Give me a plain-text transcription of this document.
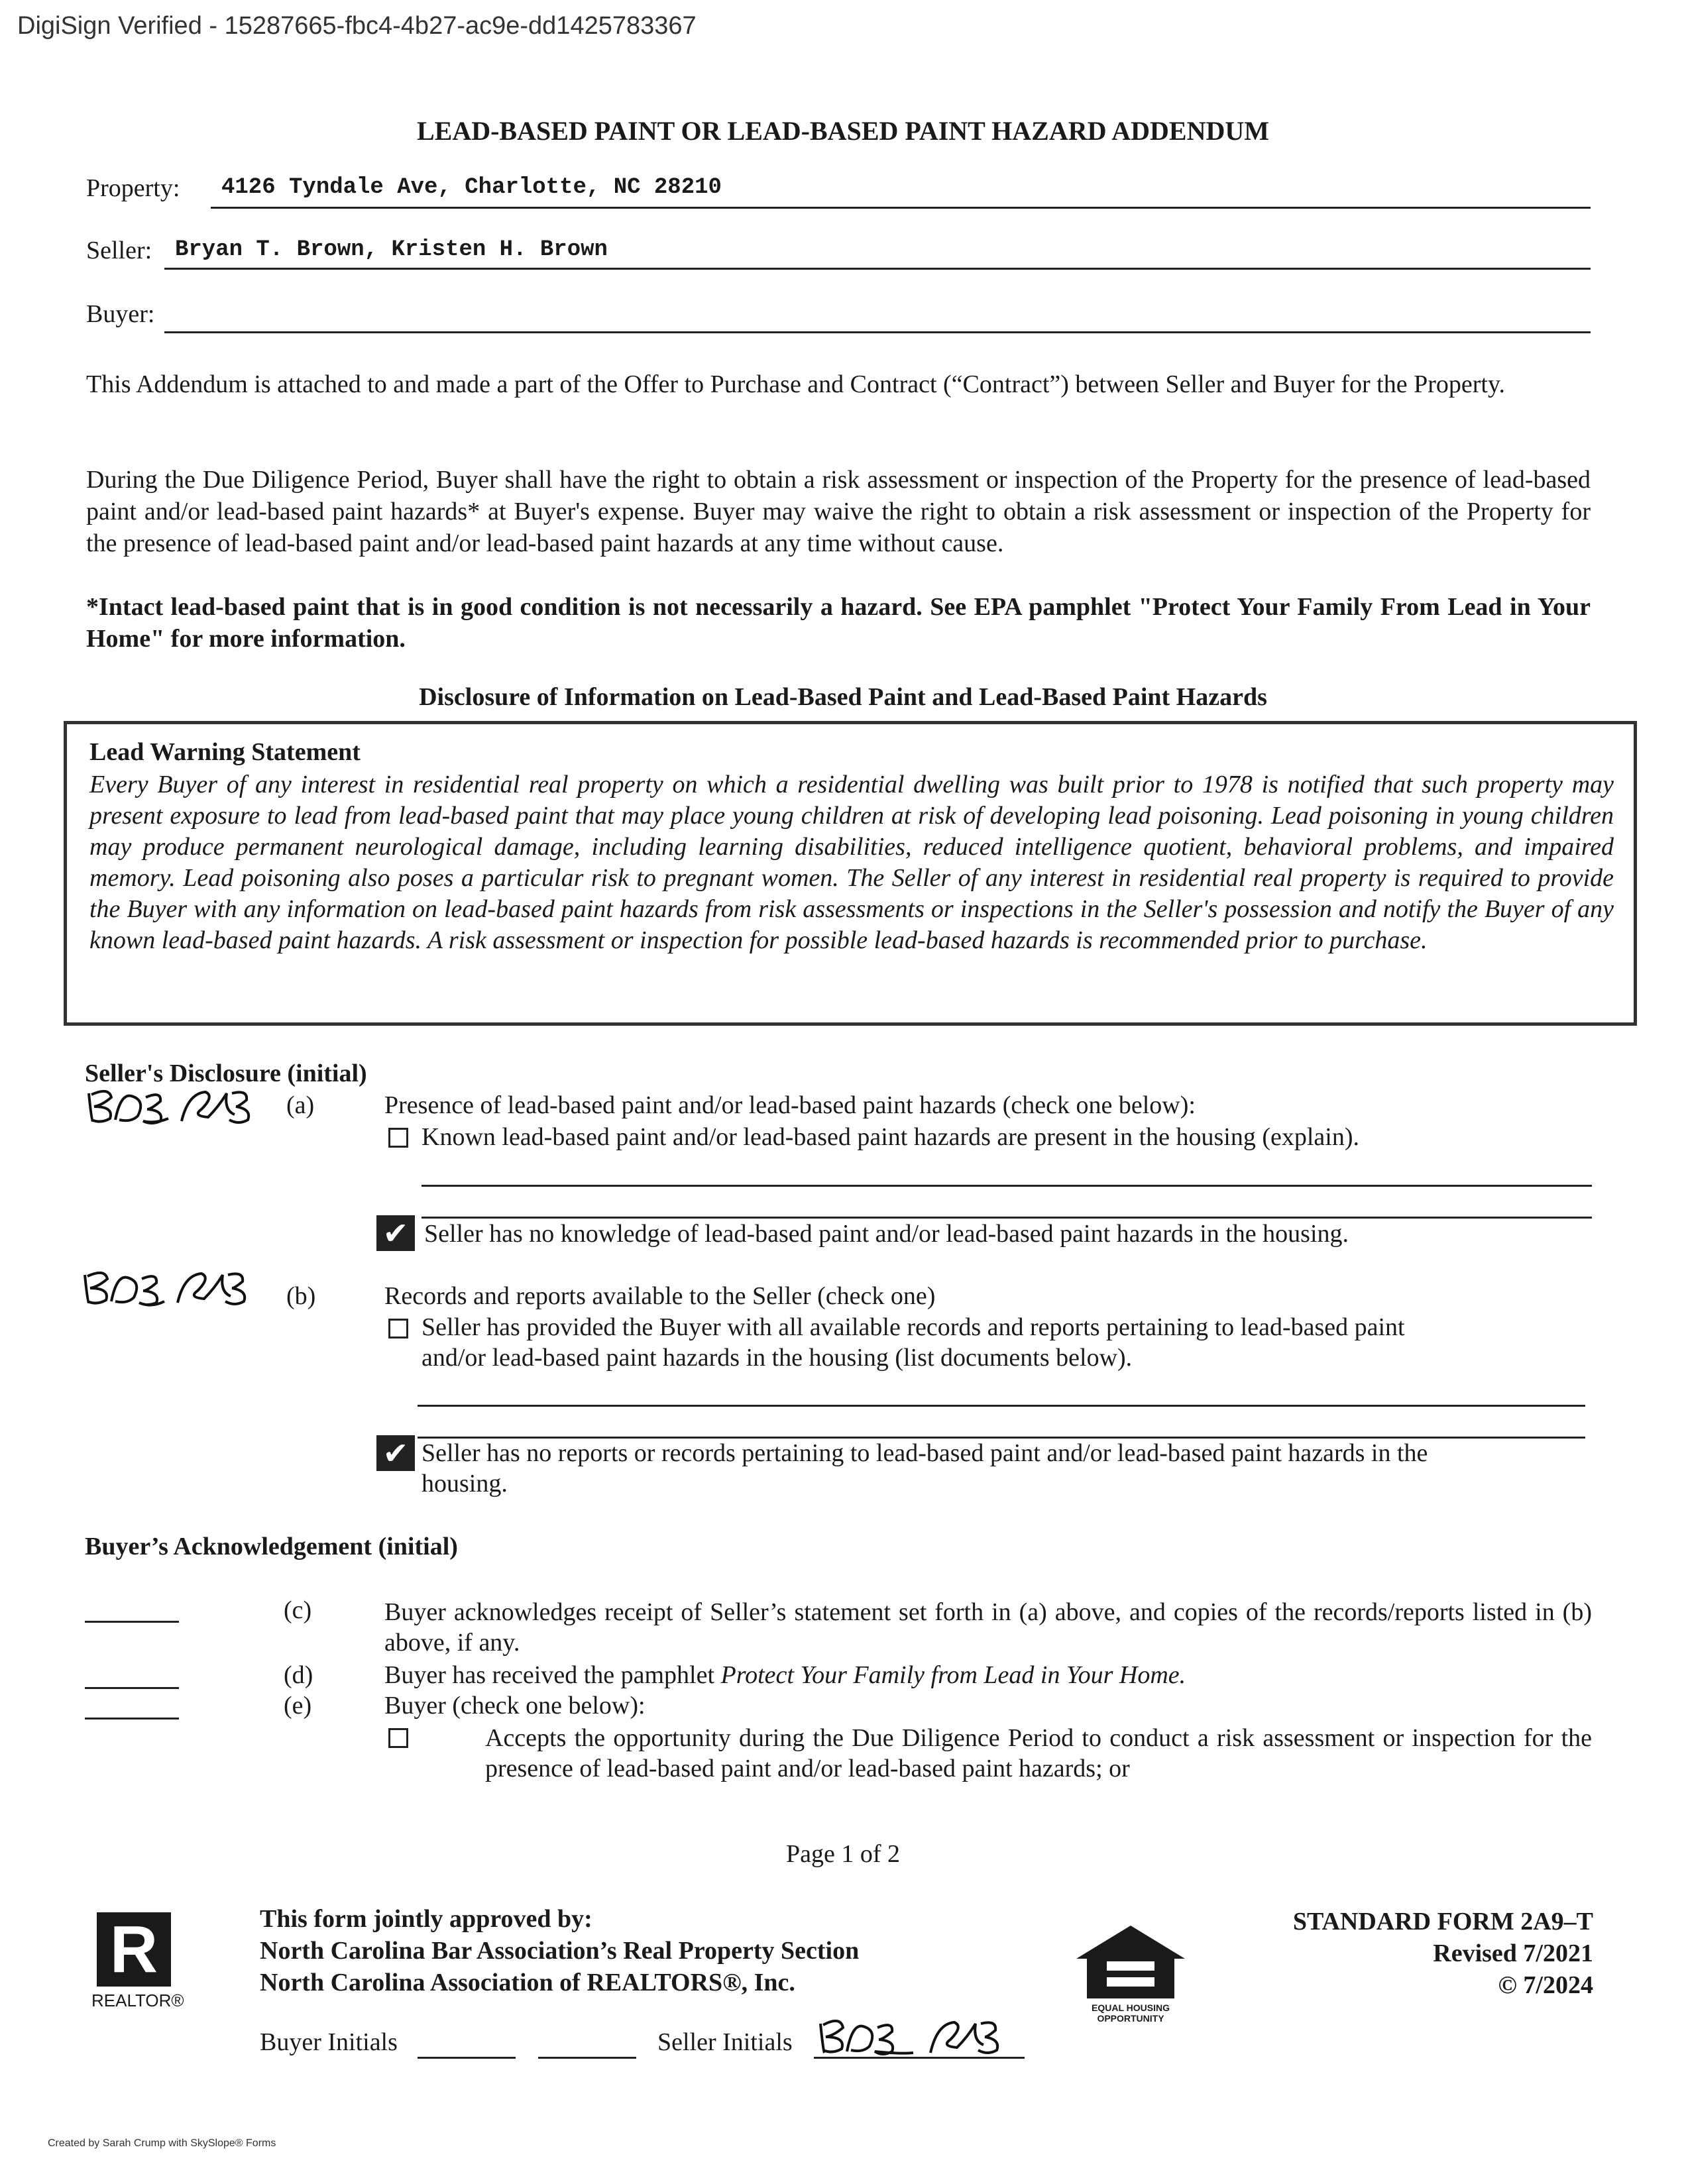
DigiSign Verified - 15287665-fbc4-4b27-ac9e-dd1425783367
LEAD-BASED PAINT OR LEAD-BASED PAINT HAZARD ADDENDUM
Property: 4126 Tyndale Ave, Charlotte, NC 28210
Seller: Bryan T. Brown, Kristen H. Brown
Buyer:
This Addendum is attached to and made a part of the Offer to Purchase and Contract (“Contract”) between Seller and Buyer for the Property.
During the Due Diligence Period, Buyer shall have the right to obtain a risk assessment or inspection of the Property for the presence of lead-based paint and/or lead-based paint hazards* at Buyer's expense. Buyer may waive the right to obtain a risk assessment or inspection of the Property for the presence of lead-based paint and/or lead-based paint hazards at any time without cause.
*Intact lead-based paint that is in good condition is not necessarily a hazard. See EPA pamphlet "Protect Your Family From Lead in Your Home" for more information.
Disclosure of Information on Lead-Based Paint and Lead-Based Paint Hazards
Lead Warning Statement
Every Buyer of any interest in residential real property on which a residential dwelling was built prior to 1978 is notified that such property may present exposure to lead from lead-based paint that may place young children at risk of developing lead poisoning. Lead poisoning in young children may produce permanent neurological damage, including learning disabilities, reduced intelligence quotient, behavioral problems, and impaired memory. Lead poisoning also poses a particular risk to pregnant women. The Seller of any interest in residential real property is required to provide the Buyer with any information on lead-based paint hazards from risk assessments or inspections in the Seller's possession and notify the Buyer of any known lead-based paint hazards. A risk assessment or inspection for possible lead-based hazards is recommended prior to purchase.
Seller's Disclosure (initial)
(a)	Presence of lead-based paint and/or lead-based paint hazards (check one below):
Known lead-based paint and/or lead-based paint hazards are present in the housing (explain).
✔ Seller has no knowledge of lead-based paint and/or lead-based paint hazards in the housing.
(b)	Records and reports available to the Seller (check one)
Seller has provided the Buyer with all available records and reports pertaining to lead-based paint and/or lead-based paint hazards in the housing (list documents below).
✔ Seller has no reports or records pertaining to lead-based paint and/or lead-based paint hazards in the housing.
Buyer’s Acknowledgement (initial)
(c)	Buyer acknowledges receipt of Seller’s statement set forth in (a) above, and copies of the records/reports listed in (b) above, if any.
(d)	Buyer has received the pamphlet Protect Your Family from Lead in Your Home.
(e)	Buyer (check one below):
Accepts the opportunity during the Due Diligence Period to conduct a risk assessment or inspection for the presence of lead-based paint and/or lead-based paint hazards; or
Page 1 of 2
R
REALTOR®
This form jointly approved by:
North Carolina Bar Association’s Real Property Section
North Carolina Association of REALTORS®, Inc.
EQUAL HOUSING OPPORTUNITY
STANDARD FORM 2A9–T
Revised 7/2021
© 7/2024
Buyer Initials	Seller Initials
Created by Sarah Crump with SkySlope® Forms
